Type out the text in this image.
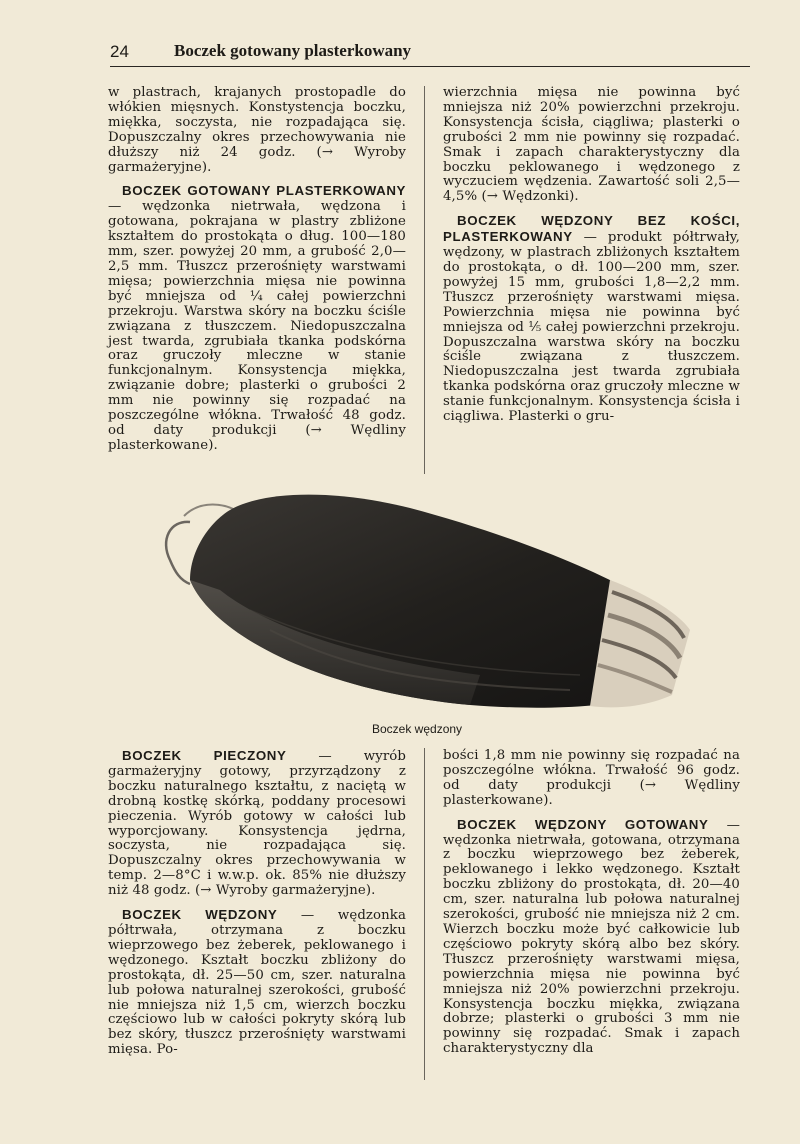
24	Boczek gotowany plasterkowany

w plastrach, krajanych prostopadle do włókien mięsnych. Konstystencja boczku, miękka, soczysta, nie rozpadająca się. Dopuszczalny okres przechowywania nie dłuższy niż 24 godz. (→ Wyroby garmażeryjne).

BOCZEK GOTOWANY PLASTERKOWANY — wędzonka nietrwała, wędzona i gotowana, pokrajana w plastry zbliżone kształtem do prostokąta o dług. 100—180 mm, szer. powyżej 20 mm, a grubość 2,0—2,5 mm. Tłuszcz przerośnięty warstwami mięsa; powierzchnia mięsa nie powinna być mniejsza od ¼ całej powierzchni przekroju. Warstwa skóry na boczku ściśle związana z tłuszczem. Niedopuszczalna jest twarda, zgrubiała tkanka podskórna oraz gruczoły mleczne w stanie funkcjonalnym. Konsystencja miękka, związanie dobre; plasterki o grubości 2 mm nie powinny się rozpadać na poszczególne włókna. Trwałość 48 godz. od daty produkcji (→ Wędliny plasterkowane).

wierzchnia mięsa nie powinna być mniejsza niż 20% powierzchni przekroju. Konsystencja ścisła, ciągliwa; plasterki o grubości 2 mm nie powinny się rozpadać. Smak i zapach charakterystyczny dla boczku peklowanego i wędzonego z wyczuciem wędzenia. Zawartość soli 2,5—4,5% (→ Wędzonki).

BOCZEK WĘDZONY BEZ KOŚCI, PLASTERKOWANY — produkt półtrwały, wędzony, w plastrach zbliżonych kształtem do prostokąta, o dł. 100—200 mm, szer. powyżej 15 mm, grubości 1,8—2,2 mm. Tłuszcz przerośnięty warstwami mięsa. Powierzchnia mięsa nie powinna być mniejsza od ⅕ całej powierzchni przekroju. Dopuszczalna warstwa skóry na boczku ściśle związana z tłuszczem. Niedopuszczalna jest twarda zgrubiała tkanka podskórna oraz gruczoły mleczne w stanie funkcjonalnym. Konsystencja ścisła i ciągliwa. Plasterki o gru-

Boczek wędzony

BOCZEK PIECZONY — wyrób garmażeryjny gotowy, przyrządzony z boczku naturalnego kształtu, z naciętą w drobną kostkę skórką, poddany procesowi pieczenia. Wyrób gotowy w całości lub wyporcjowany. Konsystencja jędrna, soczysta, nie rozpadająca się. Dopuszczalny okres przechowywania w temp. 2—8°C i w.w.p. ok. 85% nie dłuższy niż 48 godz. (→ Wyroby garmażeryjne).

BOCZEK WĘDZONY — wędzonka półtrwała, otrzymana z boczku wieprzowego bez żeberek, peklowanego i wędzonego. Kształt boczku zbliżony do prostokąta, dł. 25—50 cm, szer. naturalna lub połowa naturalnej szerokości, grubość nie mniejsza niż 1,5 cm, wierzch boczku częściowo lub w całości pokryty skórą lub bez skóry, tłuszcz przerośnięty warstwami mięsa. Po-

bości 1,8 mm nie powinny się rozpadać na poszczególne włókna. Trwałość 96 godz. od daty produkcji (→ Wędliny plasterkowane).

BOCZEK WĘDZONY GOTOWANY — wędzonka nietrwała, gotowana, otrzymana z boczku wieprzowego bez żeberek, peklowanego i lekko wędzonego. Kształt boczku zbliżony do prostokąta, dł. 20—40 cm, szer. naturalna lub połowa naturalnej szerokości, grubość nie mniejsza niż 2 cm. Wierzch boczku może być całkowicie lub częściowo pokryty skórą albo bez skóry. Tłuszcz przerośnięty warstwami mięsa, powierzchnia mięsa nie powinna być mniejsza niż 20% powierzchni przekroju. Konsystencja boczku miękka, związana dobrze; plasterki o grubości 3 mm nie powinny się rozpadać. Smak i zapach charakterystyczny dla
